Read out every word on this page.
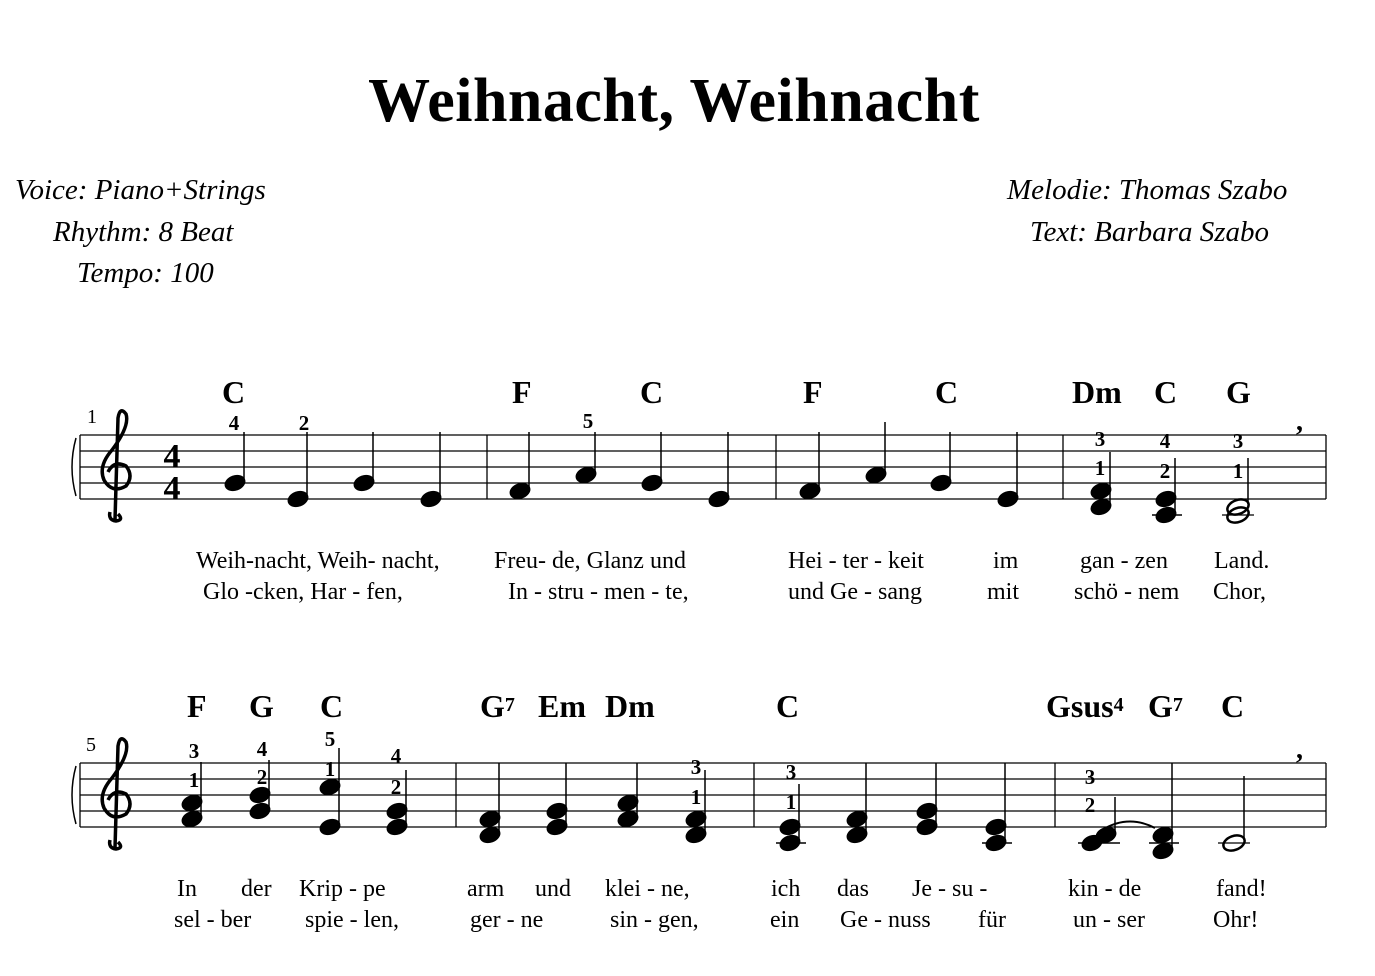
Weihnacht, Weihnacht
Voice: Piano+Strings
Rhythm: 8 Beat
Tempo: 100
Melodie: Thomas Szabo
Text: Barbara Szabo
C	F	C	F	C	Dm C G
1
4
4
4	2	5
3
1
4
2
3
1
,
Weih-nacht, Weih- nacht, Freu- de, Glanz und	Hei - ter - keit	im	gan - zen Land.
Glo -cken, Har - fen,	In - stru - men - te,	und Ge - sang	mit schö - nem Chor,
F G C	$G^7$ Em Dm	C	Gsus$^4$ $G^7$ C
5	3
1
4
2
5
1
4
2
3
1
3
1
3
2
,
In der Krip - pe	arm und klei - ne,	ich das Je - su -	kin - de	fand!
sel - ber spie - len,	ger - ne	sin - gen,	ein Ge - nuss für	un - ser	Ohr!
